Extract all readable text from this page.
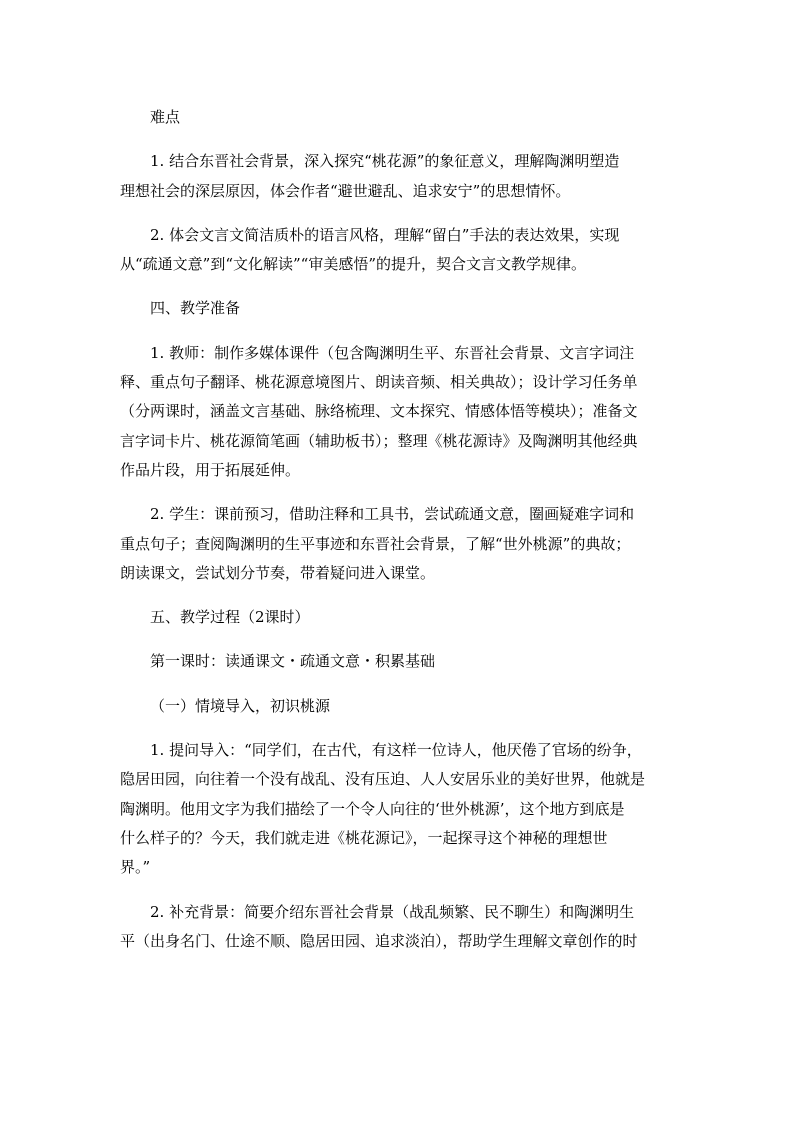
难点
1. 结合东晋社会背景，深入探究“桃花源”的象征意义，理解陶渊明塑造
理想社会的深层原因，体会作者“避世避乱、追求安宁”的思想情怀。
2. 体会文言文简洁质朴的语言风格，理解“留白”手法的表达效果，实现
从“疏通文意”到“文化解读”“审美感悟”的提升，契合文言文教学规律。
四、教学准备
1. 教师：制作多媒体课件（包含陶渊明生平、东晋社会背景、文言字词注
释、重点句子翻译、桃花源意境图片、朗读音频、相关典故）；设计学习任务单
（分两课时，涵盖文言基础、脉络梳理、文本探究、情感体悟等模块）；准备文
言字词卡片、桃花源简笔画（辅助板书）；整理《桃花源诗》及陶渊明其他经典
作品片段，用于拓展延伸。
2. 学生：课前预习，借助注释和工具书，尝试疏通文意，圈画疑难字词和
重点句子；查阅陶渊明的生平事迹和东晋社会背景，了解“世外桃源”的典故；
朗读课文，尝试划分节奏，带着疑问进入课堂。
五、教学过程（2课时）
第一课时：读通课文・疏通文意・积累基础
（一）情境导入，初识桃源
1. 提问导入：“同学们，在古代，有这样一位诗人，他厌倦了官场的纷争，
隐居田园，向往着一个没有战乱、没有压迫、人人安居乐业的美好世界，他就是
陶渊明。他用文字为我们描绘了一个令人向往的‘世外桃源’，这个地方到底是
什么样子的？今天，我们就走进《桃花源记》，一起探寻这个神秘的理想世
界。”
2. 补充背景：简要介绍东晋社会背景（战乱频繁、民不聊生）和陶渊明生
平（出身名门、仕途不顺、隐居田园、追求淡泊），帮助学生理解文章创作的时
